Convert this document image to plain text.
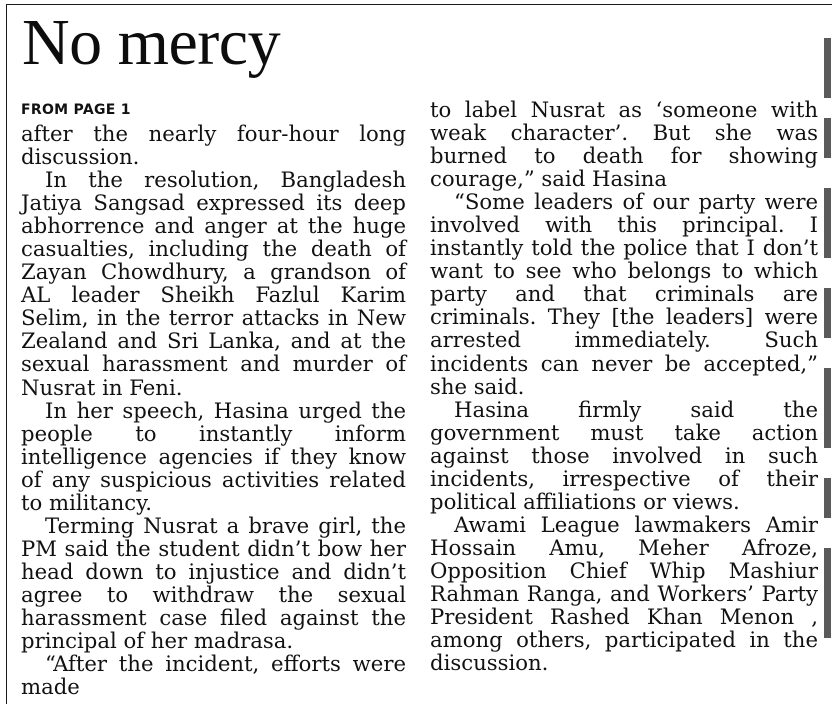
No mercy
FROM PAGE 1

after the nearly four-hour long discussion.

In the resolution, Bangladesh Jatiya Sangsad expressed its deep abhorrence and anger at the huge casualties, including the death of Zayan Chowdhury, a grandson of AL leader Sheikh Fazlul Karim Selim, in the terror attacks in New Zealand and Sri Lanka, and at the sexual harassment and murder of Nusrat in Feni.

In her speech, Hasina urged the people to instantly inform intelligence agencies if they know of any suspicious activities related to militancy.

Terming Nusrat a brave girl, the PM said the student didn’t bow her head down to injustice and didn’t agree to withdraw the sexual harassment case filed against the principal of her madrasa.

“After the incident, efforts were made

to label Nusrat as ‘someone with weak character’. But she was burned to death for showing courage,” said Hasina

“Some leaders of our party were involved with this principal. I instantly told the police that I don’t want to see who belongs to which party and that criminals are criminals. They [the leaders] were arrested immediately. Such incidents can never be accepted,” she said.

Hasina firmly said the government must take action against those involved in such incidents, irrespective of their political affiliations or views.

Awami League lawmakers Amir Hossain Amu, Meher Afroze, Opposition Chief Whip Mashiur Rahman Ranga, and Workers’ Party President Rashed Khan Menon , among others, participated in the discussion.
